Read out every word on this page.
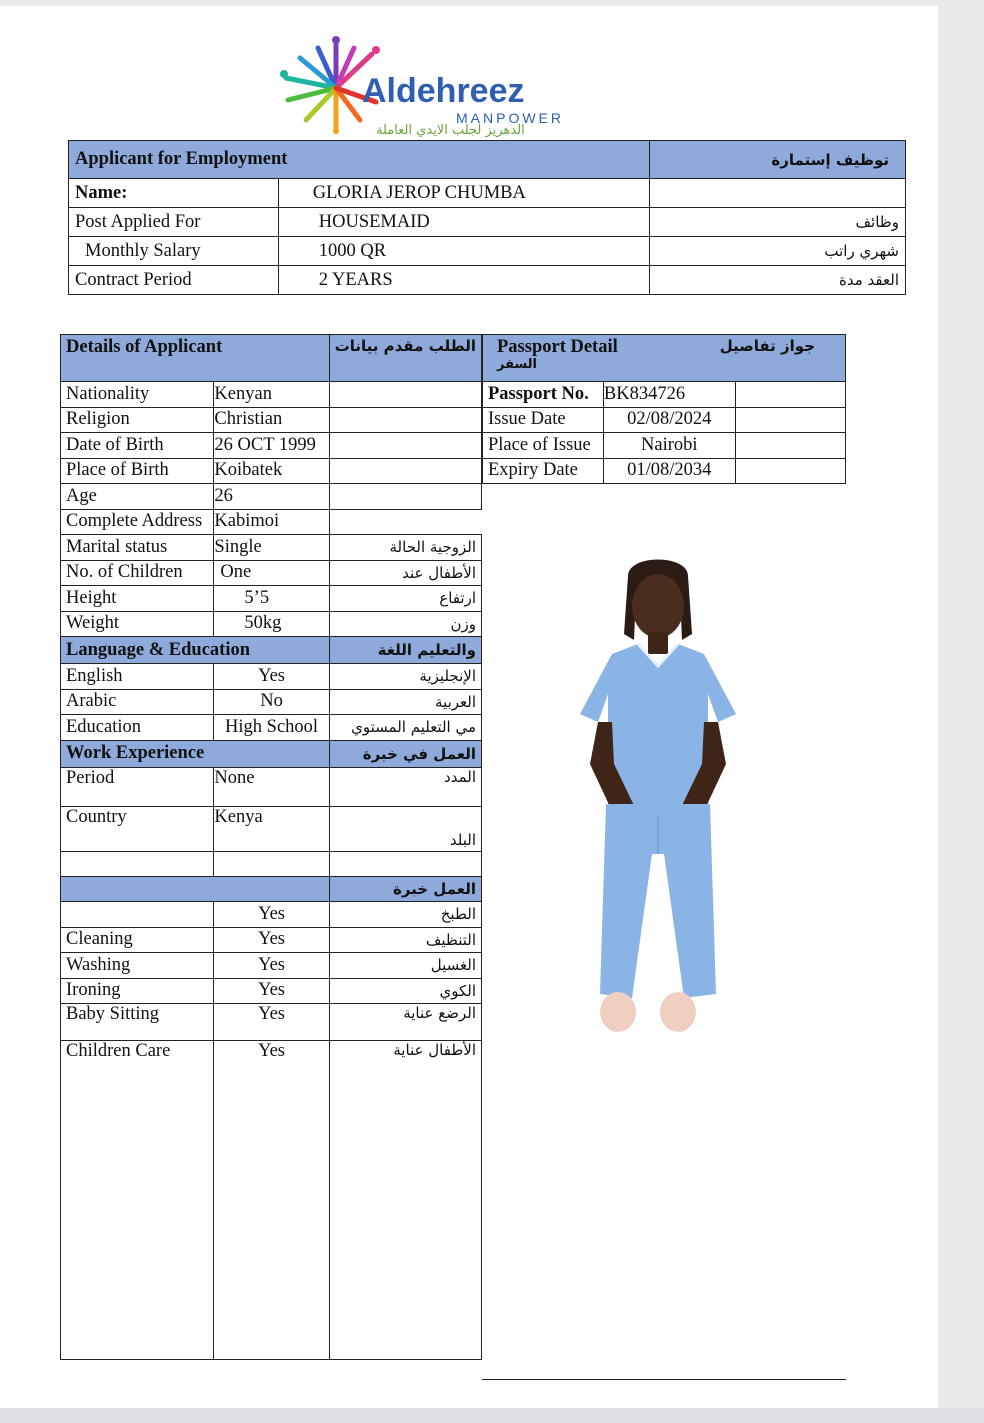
Aldehreez
MANPOWER
الدهريز لجلب الايدي العاملة
Applicant for Employment		توظيف إستمارة
Name:	GLORIA JEROP CHUMBA	
Post Applied For	HOUSEMAID	وظائف
Monthly Salary	1000 QR	شهري راتب
Contract Period	2 YEARS	العقد مدة
Details of Applicant		الطلب مقدم بيانات
Nationality	Kenyan	
Religion	Christian	
Date of Birth	26 OCT 1999	
Place of Birth	Koibatek	
Age	26	
Complete Address	Kabimoi	
Marital status	Single	الزوجية الحالة
No. of Children	One	الأطفال عند
Height	5’5	ارتفاع
Weight	50kg	وزن
Language & Education		والتعليم اللغة
English	Yes	الإنجليزية
Arabic	No	العربية
Education	High School	مي التعليم المستوي
Work Experience		العمل في خبرة
Period	None	المدد
Country	Kenya	البلد

		العمل خبرة
	Yes	الطبخ
Cleaning	Yes	التنظيف
Washing	Yes	الغسيل
Ironing	Yes	الكوي
Baby Sitting	Yes	الرضع عناية
Children Care	Yes	الأطفال عناية
Passport Detail جواز تفاصيل
السفر		

Passport No.	BK834726	
Issue Date	02/08/2024	
Place of Issue	Nairobi	
Expiry Date	01/08/2034	
